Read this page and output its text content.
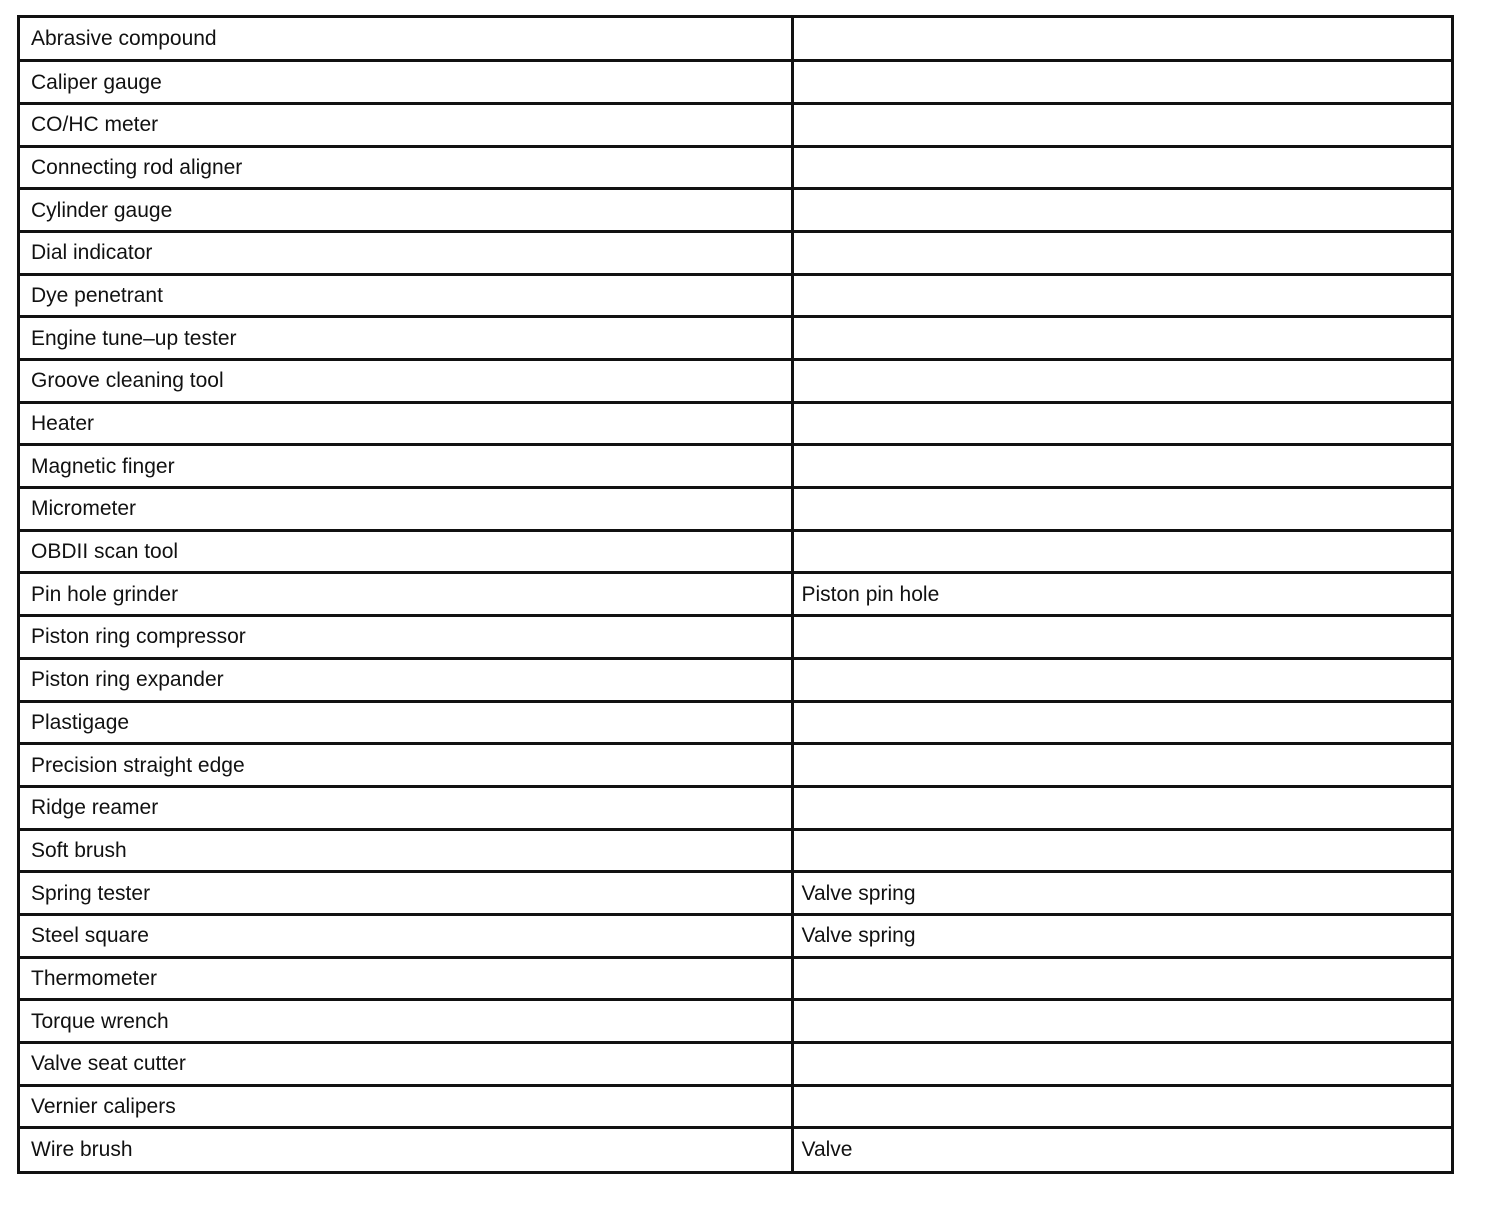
Abrasive compound	
Caliper gauge	
CO/HC meter	
Connecting rod aligner	
Cylinder gauge	
Dial indicator	
Dye penetrant	
Engine tune–up tester	
Groove cleaning tool	
Heater	
Magnetic finger	
Micrometer	
OBDII scan tool	
Pin hole grinder	Piston pin hole
Piston ring compressor	
Piston ring expander	
Plastigage	
Precision straight edge	
Ridge reamer	
Soft brush	
Spring tester	Valve spring
Steel square	Valve spring
Thermometer	
Torque wrench	
Valve seat cutter	
Vernier calipers	
Wire brush	Valve
